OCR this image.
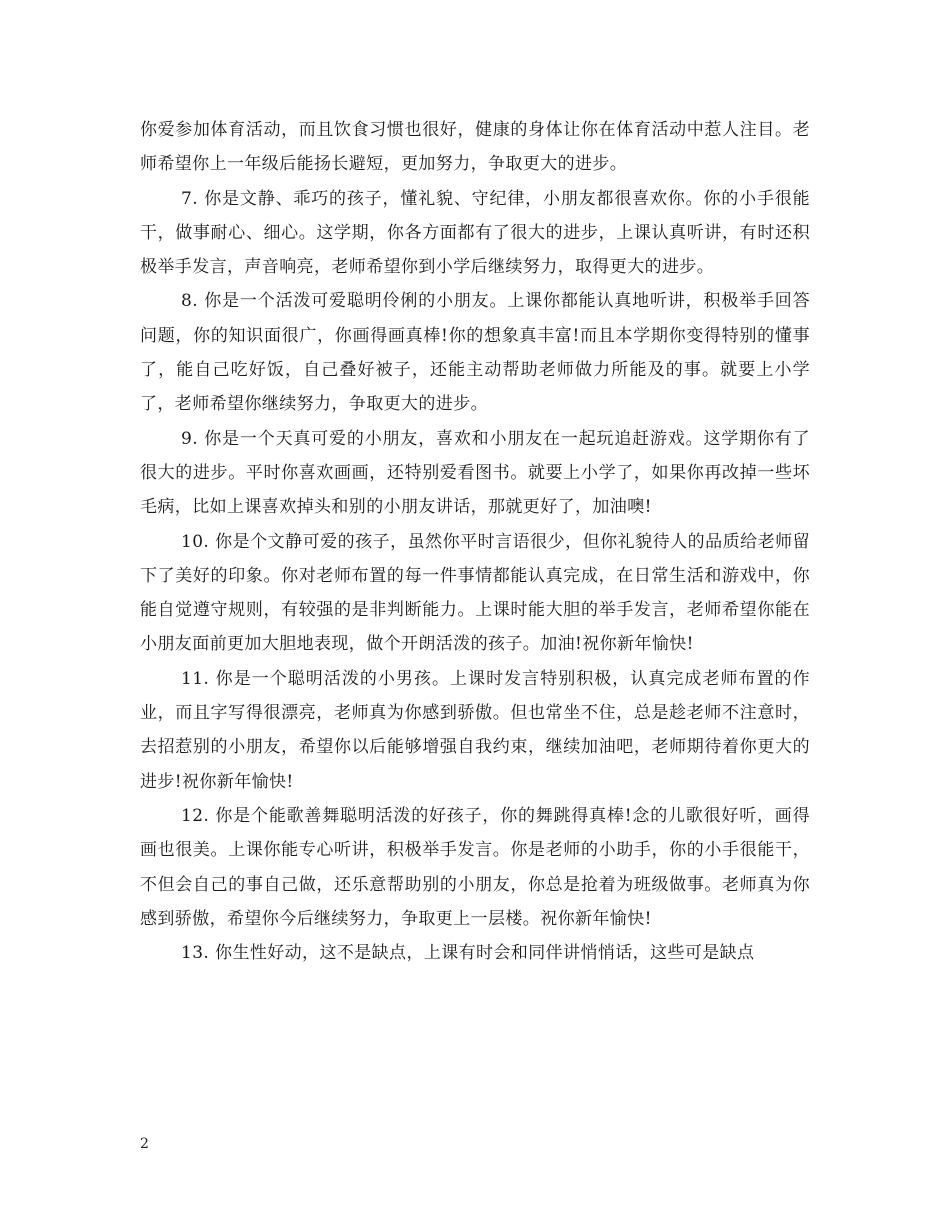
你爱参加体育活动，而且饮食习惯也很好，健康的身体让你在体育活动中惹人注目。老师希望你上一年级后能扬长避短，更加努力，争取更大的进步。

7. 你是文静、乖巧的孩子，懂礼貌、守纪律，小朋友都很喜欢你。你的小手很能干，做事耐心、细心。这学期，你各方面都有了很大的进步，上课认真听讲，有时还积极举手发言，声音响亮，老师希望你到小学后继续努力，取得更大的进步。

8. 你是一个活泼可爱聪明伶俐的小朋友。上课你都能认真地听讲，积极举手回答问题，你的知识面很广，你画得画真棒!你的想象真丰富!而且本学期你变得特别的懂事了，能自己吃好饭，自己叠好被子，还能主动帮助老师做力所能及的事。就要上小学了，老师希望你继续努力，争取更大的进步。

9. 你是一个天真可爱的小朋友，喜欢和小朋友在一起玩追赶游戏。这学期你有了很大的进步。平时你喜欢画画，还特别爱看图书。就要上小学了，如果你再改掉一些坏毛病，比如上课喜欢掉头和别的小朋友讲话，那就更好了，加油噢!

10. 你是个文静可爱的孩子，虽然你平时言语很少，但你礼貌待人的品质给老师留下了美好的印象。你对老师布置的每一件事情都能认真完成，在日常生活和游戏中，你能自觉遵守规则，有较强的是非判断能力。上课时能大胆的举手发言，老师希望你能在小朋友面前更加大胆地表现，做个开朗活泼的孩子。加油!祝你新年愉快!

11. 你是一个聪明活泼的小男孩。上课时发言特别积极，认真完成老师布置的作业，而且字写得很漂亮，老师真为你感到骄傲。但也常坐不住，总是趁老师不注意时，去招惹别的小朋友，希望你以后能够增强自我约束，继续加油吧，老师期待着你更大的进步!祝你新年愉快!

12. 你是个能歌善舞聪明活泼的好孩子，你的舞跳得真棒!念的儿歌很好听，画得画也很美。上课你能专心听讲，积极举手发言。你是老师的小助手，你的小手很能干，不但会自己的事自己做，还乐意帮助别的小朋友，你总是抢着为班级做事。老师真为你感到骄傲，希望你今后继续努力，争取更上一层楼。祝你新年愉快!

13. 你生性好动，这不是缺点，上课有时会和同伴讲悄悄话，这些可是缺点

2
